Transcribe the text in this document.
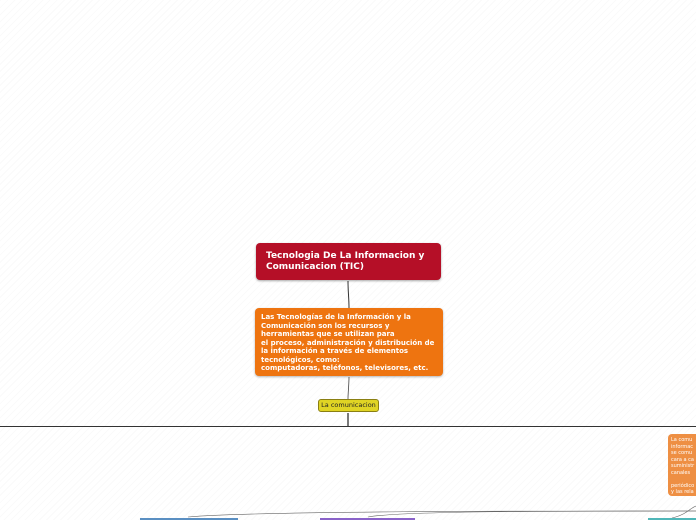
Tecnologia De La Informacion y Comunicacion (TIC)
Las Tecnologías de la Información y la
Comunicación son los recursos y
herramientas que se utilizan para
el proceso, administración y distribución de
la información a través de elementos
tecnológicos, como:
computadoras, teléfonos, televisores, etc.
La comunicacion
La comu
informac
se comu
cara a ca
suministr
canales

periódico
y las rela
